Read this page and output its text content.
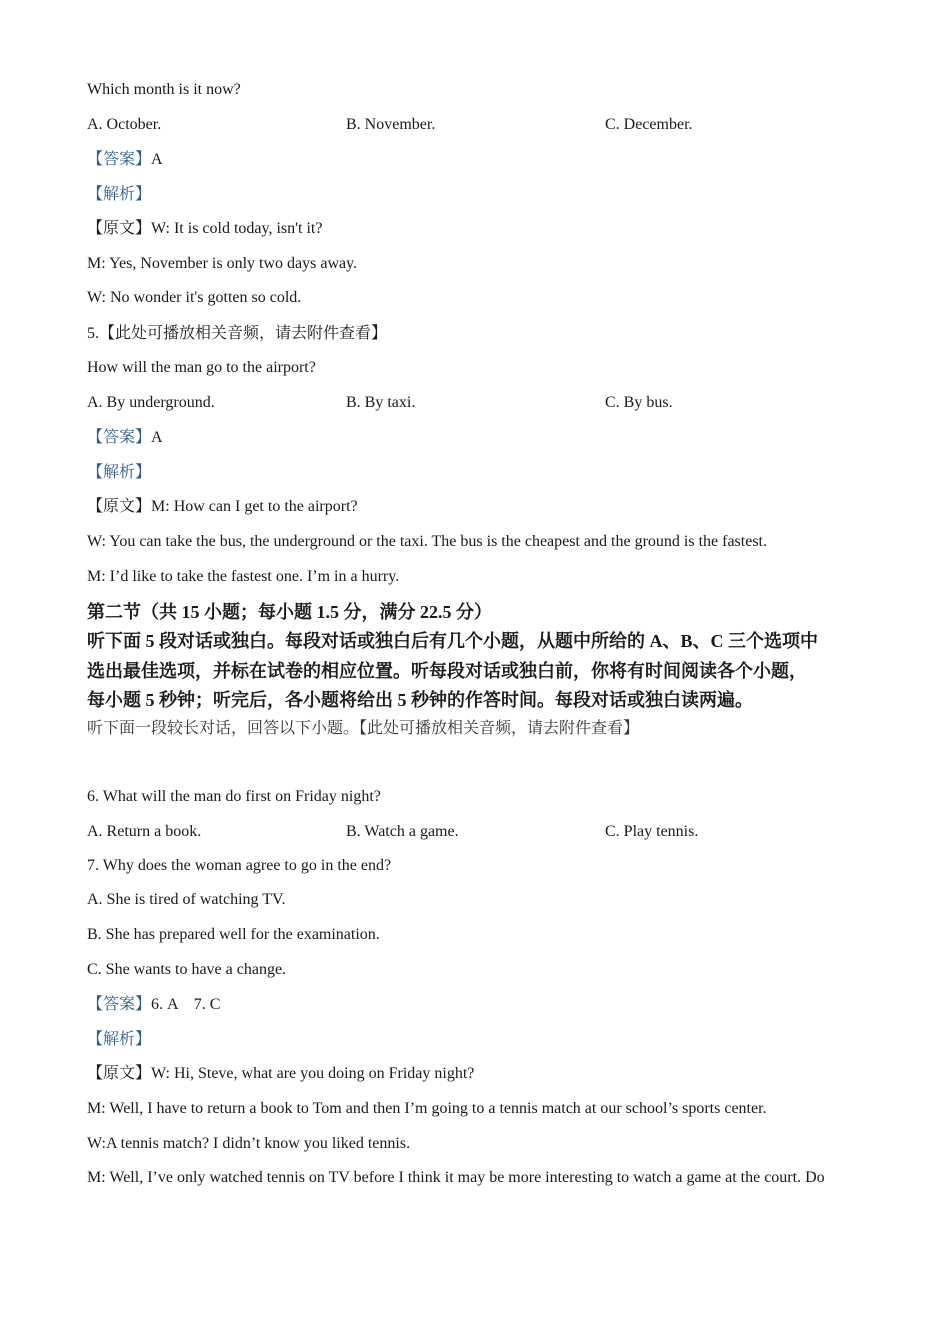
Which month is it now?
A. October.	B. November.	C. December.
【答案】A
【解析】
【原文】W: It is cold today, isn't it?
M: Yes, November is only two days away.
W: No wonder it's gotten so cold.
5.【此处可播放相关音频，请去附件查看】
How will the man go to the airport?
A. By underground.	B. By taxi.	C. By bus.
【答案】A
【解析】
【原文】M: How can I get to the airport?
W: You can take the bus, the underground or the taxi. The bus is the cheapest and the ground is the fastest.
M: I’d like to take the fastest one. I’m in a hurry.
第二节（共 15 小题；每小题 1.5 分，满分 22.5 分）
听下面 5 段对话或独白。每段对话或独白后有几个小题，从题中所给的 A、B、C 三个选项中
选出最佳选项，并标在试卷的相应位置。听每段对话或独白前，你将有时间阅读各个小题，
每小题 5 秒钟；听完后，各小题将给出 5 秒钟的作答时间。每段对话或独白读两遍。
听下面一段较长对话，回答以下小题。【此处可播放相关音频，请去附件查看】
6. What will the man do first on Friday night?
A. Return a book.	B. Watch a game.	C. Play tennis.
7. Why does the woman agree to go in the end?
A. She is tired of watching TV.
B. She has prepared well for the examination.
C. She wants to have a change.
【答案】6. A    7. C
【解析】
【原文】W: Hi, Steve, what are you doing on Friday night?
M: Well, I have to return a book to Tom and then I’m going to a tennis match at our school’s sports center.
W:A tennis match? I didn’t know you liked tennis.
M: Well, I’ve only watched tennis on TV before I think it may be more interesting to watch a game at the court. Do
